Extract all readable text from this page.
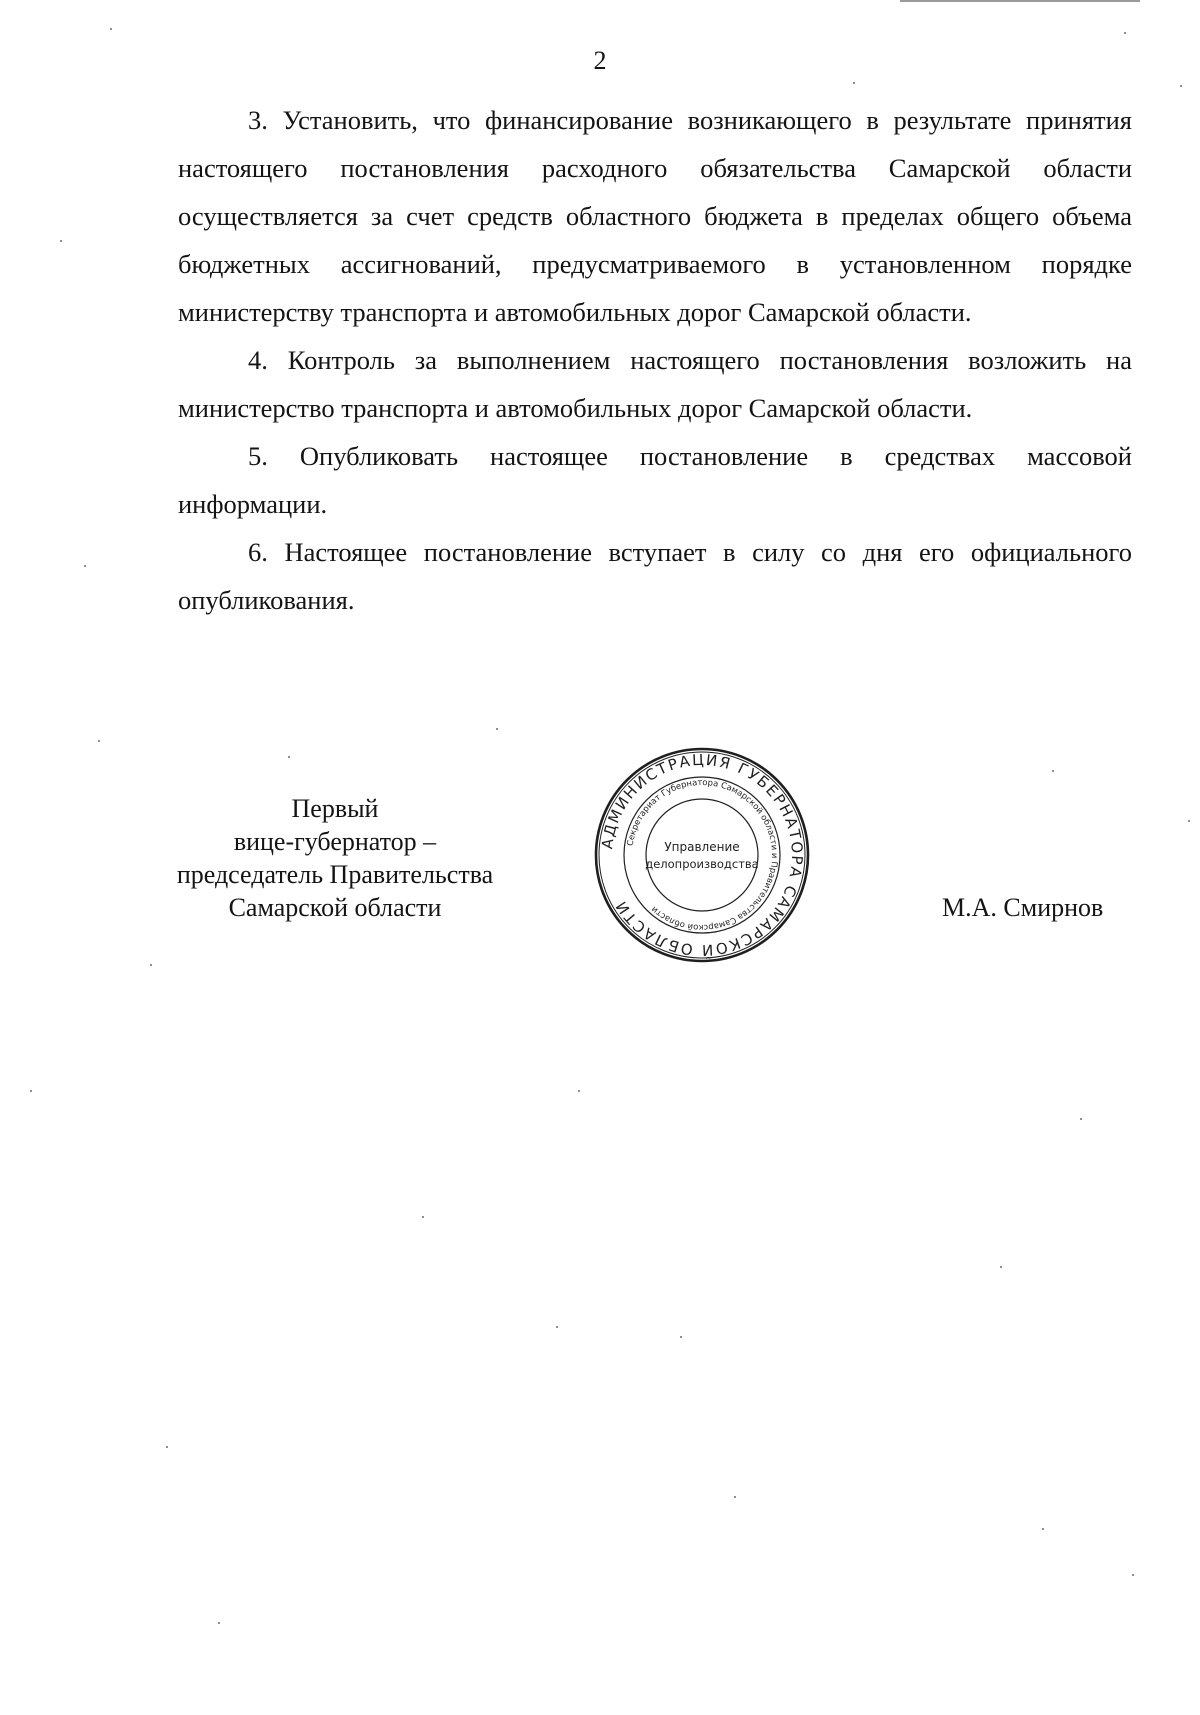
2

3. Установить, что финансирование возникающего в результате принятия настоящего постановления расходного обязательства Самарской области осуществляется за счет средств областного бюджета в пределах общего объема бюджетных ассигнований, предусматриваемого в установленном порядке министерству транспорта и автомобильных дорог Самарской области.

4. Контроль за выполнением настоящего постановления возложить на министерство транспорта и автомобильных дорог Самарской области.

5. Опубликовать настоящее постановление в средствах массовой информации.

6. Настоящее постановление вступает в силу со дня его официального опубликования.

Первый
вице-губернатор –
председатель Правительства
Самарской области
АДМИНИСТРАЦИЯ ГУБЕРНАТОРА САМАРСКОЙ ОБЛАСТИ
Секретариат Губернатора Самарской области и Правительства Самарской области
Управление
делопроизводства
М.А. Смирнов
